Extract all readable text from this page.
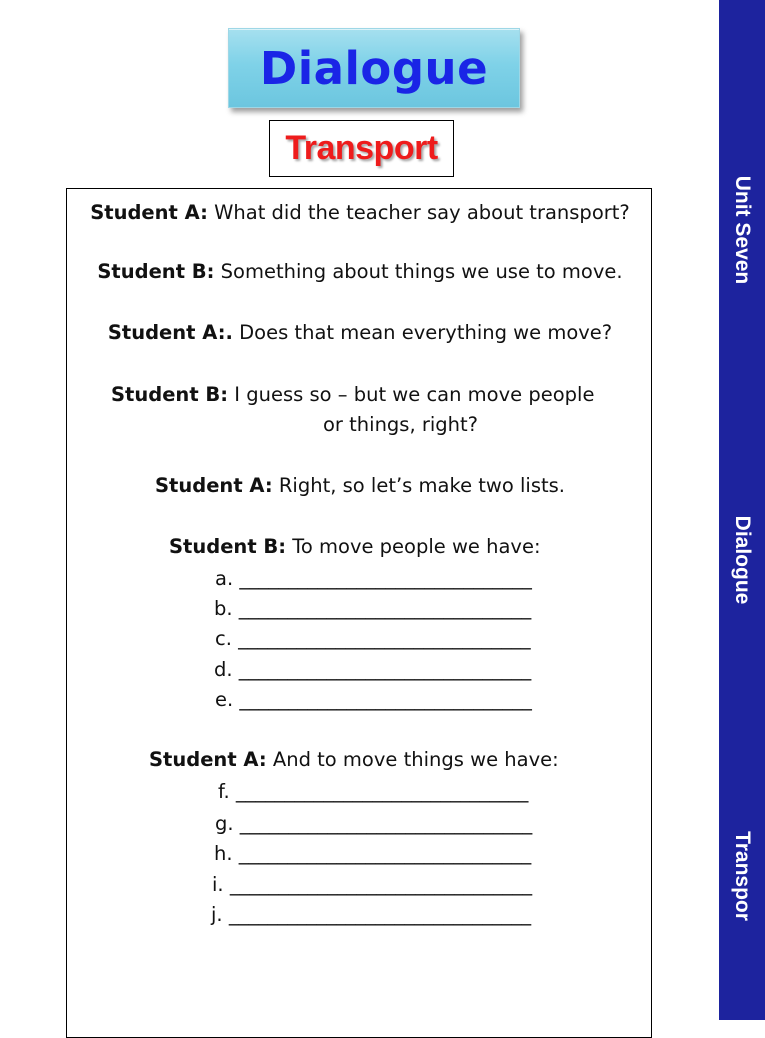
Dialogue
Transport
Student A: What did the teacher say about transport?
Student B: Something about things we use to move.
Student A:. Does that mean everything we move?
Student B: I guess so – but we can move people
or things, right?
Student A: Right, so let’s make two lists.
Student B: To move people we have:
a. ______________________________
b. ______________________________
c. ______________________________
d. ______________________________
e. ______________________________
Student A: And to move things we have:
f. ______________________________
g. ______________________________
h. ______________________________
i. _______________________________
j. _______________________________
Unit Seven
Dialogue
Transpor
